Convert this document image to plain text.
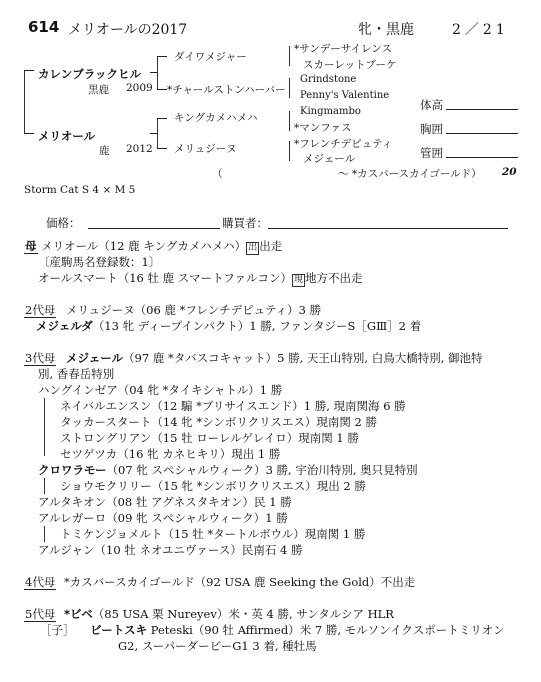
614 メリオールの2017	牝・黒鹿	2／21
カレンブラックヒル
黒鹿 2009
メリオール
鹿 2012
ダイワメジャー
*チャールストンハーバー
キングカメハメハ
メリュジーヌ
*サンデーサイレンス
スカーレットブーケ
Grindstone
Penny's Valentine
Kingmambo
*マンファス
*フレンチデピュティ
メジェール
体高
胸囲
管囲
（　　　　　　　　　　　〜 *カスバースカイゴールド） 20
Storm Cat S 4 × M 5
価格：	購買者：
母 メリオール（12 鹿 キングカメハメハ） 出 出走
〔産駒馬名登録数：1〕
オールスマート（16 牡 鹿 スマートファルコン） 現 地方不出走
2代母 メリュジーヌ（06 鹿 *フレンチデピュティ）3 勝
メジェルダ（13 牝 ディープインパクト）1 勝, ファンタジーS［GⅢ］2 着
3代母 メジェール（97 鹿 *タバスコキャット）5 勝, 天王山特別, 白鳥大橋特別, 御池特
別, 香春岳特別
ハングインゼア（04 牝 *タイキシャトル）1 勝
ネイバルエンスン（12 騸 *ブリサイスエンド）1 勝, 現南関海 6 勝
タッカースタート（14 牝 *シンボリクリスエス）現南関 2 勝
ストロングリアン（15 牡 ローレルゲレイロ）現南関 1 勝
セツゲツカ（16 牝 カネヒキリ）現出 1 勝
クロワラモー（07 牝 スペシャルウィーク）3 勝, 宇治川特別, 奥只見特別
ショウモクリリー（15 牝 *シンボリクリスエス）現出 2 勝
アルタキオン（08 牡 アグネスタキオン）民 1 勝
アルレガーロ（09 牝 スペシャルウィーク）1 勝
トミケンジョメルト（15 牡 *タートルボウル）現南関 1 勝
アルジャン（10 牡 ネオユニヴァース）民南石 4 勝
4代母 *カスバースカイゴールド（92 USA 鹿 Seeking the Gold）不出走
5代母 *ビベ（85 USA 栗 Nureyev）米・英 4 勝, サンタルシア HLR
［子］ ビートスキ Peteski（90 牡 Affirmed）米 7 勝, モルソンイクスポートミリオン
G2, スーパーダービーG1 3 着, 種牡馬
